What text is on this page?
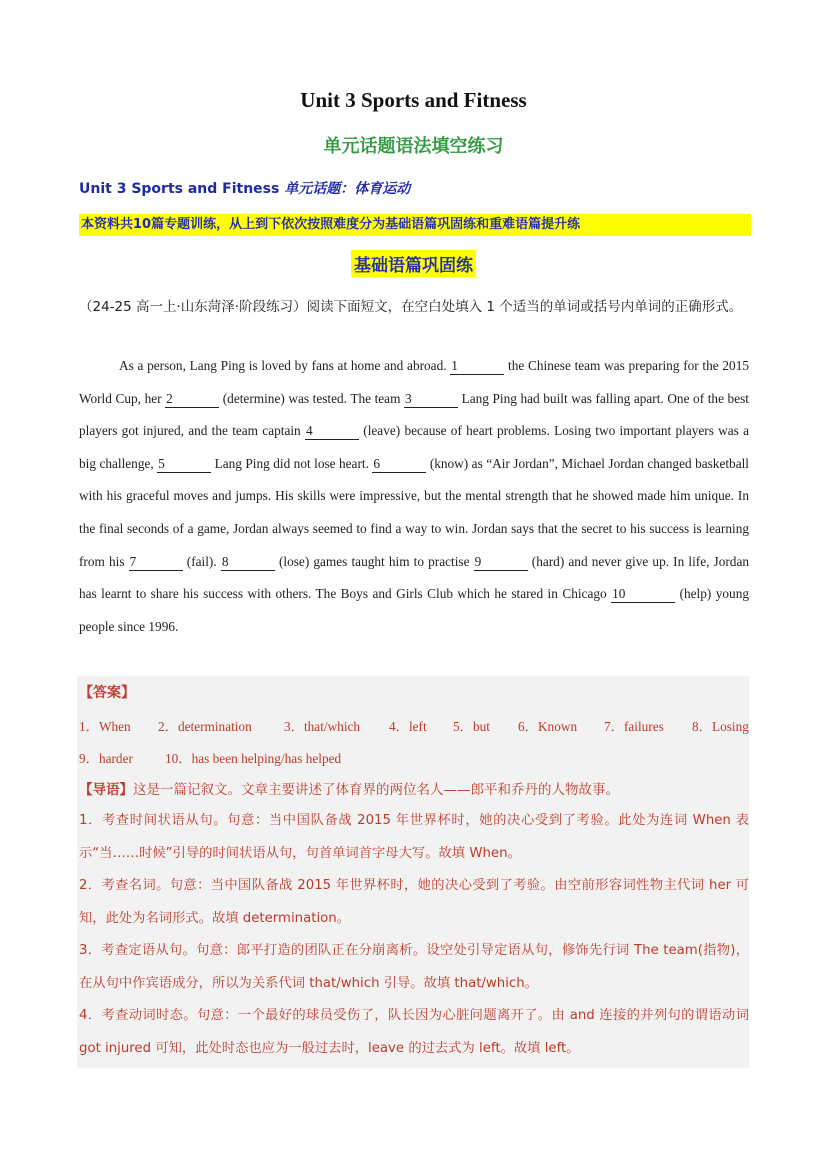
Unit 3 Sports and Fitness
单元话题语法填空练习
Unit 3 Sports and Fitness 单元话题：体育运动
本资料共10篇专题训练，从上到下依次按照难度分为基础语篇巩固练和重难语篇提升练
基础语篇巩固练
（24-25 高一上·山东菏泽·阶段练习）阅读下面短文，在空白处填入 1 个适当的单词或括号内单词的正确形式。
As a person, Lang Ping is loved by fans at home and abroad. 1	the Chinese team was preparing for the 2015 World Cup, her 2	(determine) was tested. The team 3	Lang Ping had built was falling apart. One of the best players got injured, and the team captain 4	(leave) because of heart problems. Losing two important players was a big challenge, 5	Lang Ping did not lose heart. 6	(know) as “Air Jordan”, Michael Jordan changed basketball with his graceful moves and jumps. His skills were impressive, but the mental strength that he showed made him unique. In the final seconds of a game, Jordan always seemed to find a way to win. Jordan says that the secret to his success is learning from his 7	(fail). 8	(lose) games taught him to practise 9	(hard) and never give up. In life, Jordan has learnt to share his success with others. The Boys and Girls Club which he stared in Chicago 10	(help) young people since 1996.
【答案】
1．When 2．determination 3．that/which 4．left 5．but 6．Known 7．failures 8．Losing
9．harder 10．has been helping/has helped
【导语】这是一篇记叙文。文章主要讲述了体育界的两位名人——郎平和乔丹的人物故事。
1．考查时间状语从句。句意：当中国队备战 2015 年世界杯时，她的决心受到了考验。此处为连词 When 表示“当……时候”引导的时间状语从句，句首单词首字母大写。故填 When。
2．考查名词。句意：当中国队备战 2015 年世界杯时，她的决心受到了考验。由空前形容词性物主代词 her 可知，此处为名词形式。故填 determination。
3．考查定语从句。句意：郎平打造的团队正在分崩离析。设空处引导定语从句，修饰先行词 The team(指物)，在从句中作宾语成分，所以为关系代词 that/which 引导。故填 that/which。
4．考查动词时态。句意：一个最好的球员受伤了，队长因为心脏问题离开了。由 and 连接的并列句的谓语动词 got injured 可知，此处时态也应为一般过去时，leave 的过去式为 left。故填 left。
